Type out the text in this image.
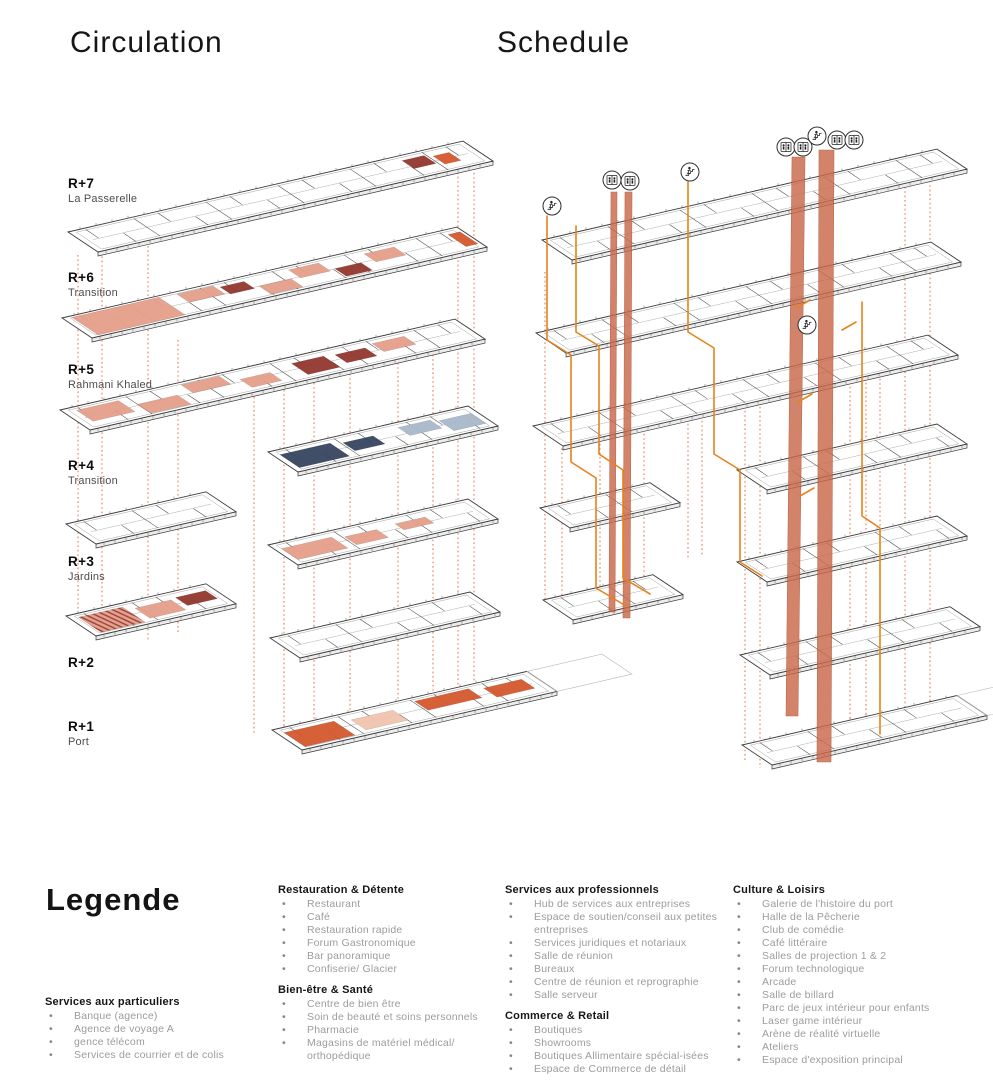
Circulation	Schedule
R+7
La Passerelle
R+6
Transition
R+5
Rahmani Khaled
R+4
Transition
R+3
Jardins
R+2
R+1
Port
Legende
Services aux particuliers
• Banque (agence)
• Agence de voyage A
• gence télécom
• Services de courrier et de colis
Restauration & Détente
• Restaurant
• Café
• Restauration rapide
• Forum Gastronomique
• Bar panoramique
• Confiserie/ Glacier
Bien-être & Santé
• Centre de bien être
• Soin de beauté et soins personnels
• Pharmacie
• Magasins de matériel médical/ orthopédique
Services aux professionnels
• Hub de services aux entreprises
• Espace de soutien/conseil aux petites entreprises
• Services juridiques et notariaux
• Salle de réunion
• Bureaux
• Centre de réunion et reprographie
• Salle serveur
Commerce & Retail
• Boutiques
• Showrooms
• Boutiques Allimentaire spécial-isées
• Espace de Commerce de détail
Culture & Loisirs
• Galerie de l'histoire du port
• Halle de la Pêcherie
• Club de comédie
• Café littéraire
• Salles de projection 1 & 2
• Forum technologique
• Arcade
• Salle de billard
• Parc de jeux intérieur pour enfants
• Laser game intérieur
• Arène de réalité virtuelle
• Ateliers
• Espace d'exposition principal
